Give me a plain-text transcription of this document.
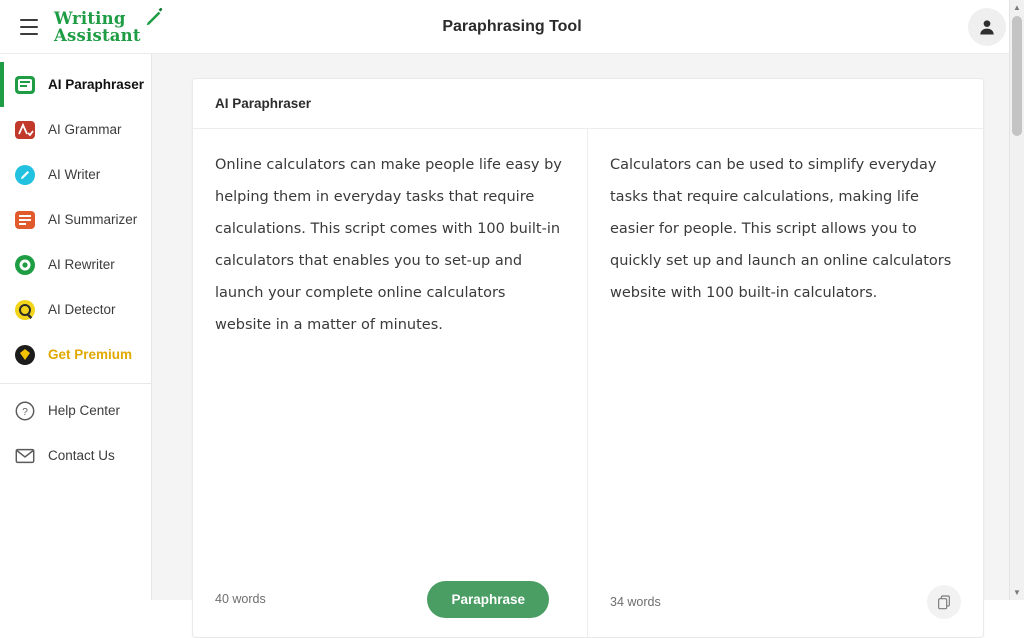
Writing
Assistant	Paraphrasing Tool
AI Paraphraser
AI Grammar
AI Writer
AI Summarizer
AI Rewriter
AI Detector
Get Premium
? Help Center
Contact Us
AI Paraphraser
Online calculators can make people life easy by helping them in everyday tasks that require calculations. This script comes with 100 built-in calculators that enables you to set-up and launch your complete online calculators website in a matter of minutes.
40 words	Paraphrase
Calculators can be used to simplify everyday tasks that require calculations, making life easier for people. This script allows you to quickly set up and launch an online calculators website with 100 built-in calculators.
34 words
▲
▼
